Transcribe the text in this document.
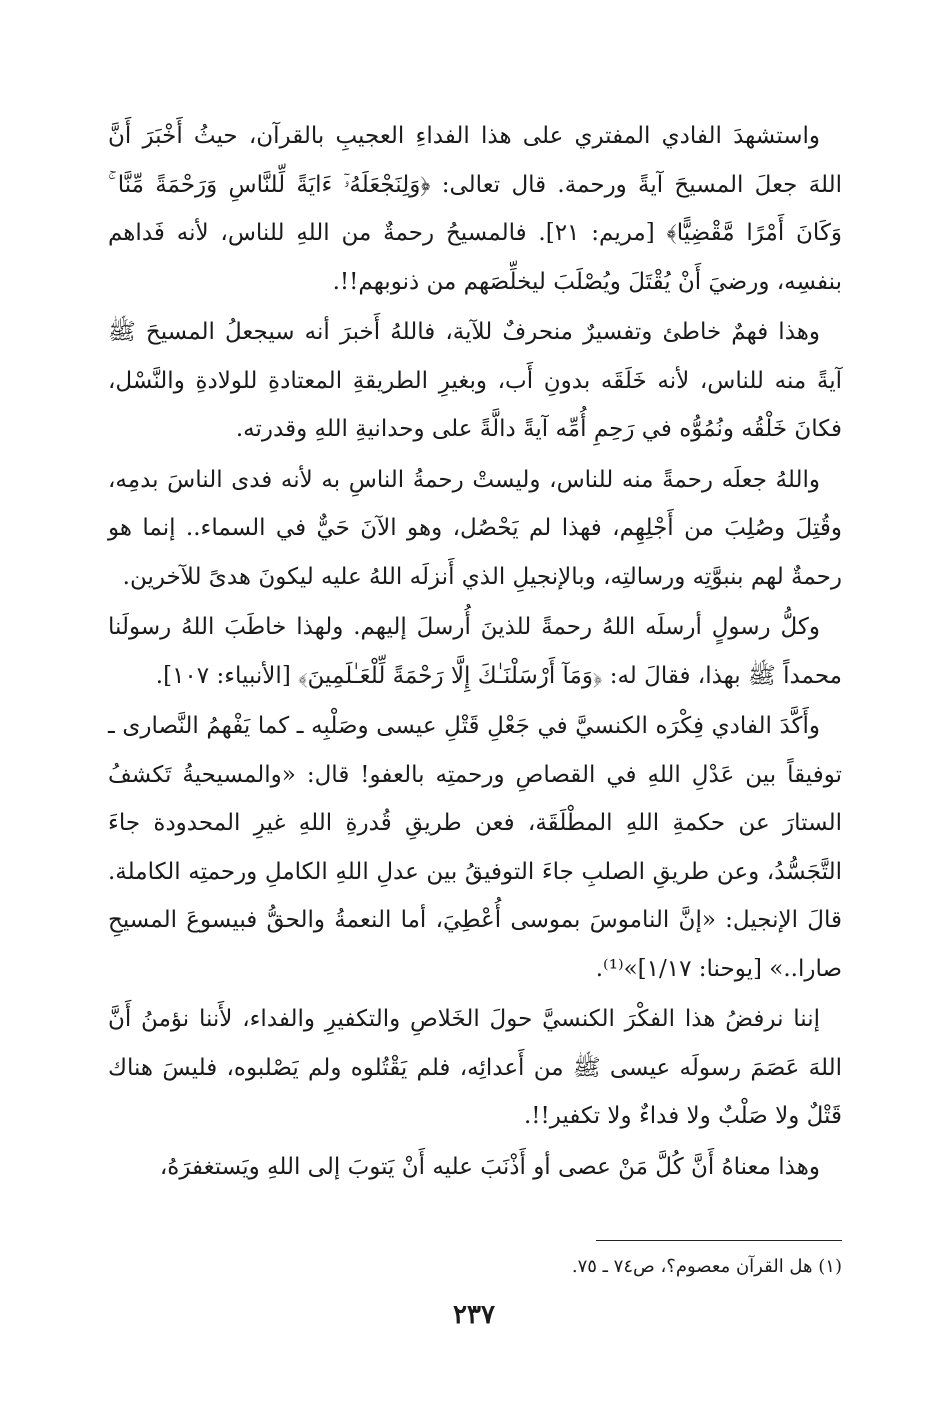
واستشهدَ الفادي المفتري على هذا الفداءِ العجيبِ بالقرآن، حيثُ أَخْبَرَ أَنَّ اللهَ جعلَ المسيحَ آيةً ورحمة. قال تعالى: ﴿وَلِنَجْعَلَهُۥٓ ءَايَةً لِّلنَّاسِ وَرَحْمَةً مِّنَّا ۚ وَكَانَ أَمْرًا مَّقْضِيًّا﴾ [مريم: ٢١]. فالمسيحُ رحمةٌ من اللهِ للناس، لأنه فَداهم بنفسِه، ورضيَ أَنْ يُقْتَلَ ويُصْلَبَ ليخلِّصَهم من ذنوبهم!!.

وهذا فهمٌ خاطئ وتفسيرٌ منحرفٌ للآية، فاللهُ أَخبرَ أنه سيجعلُ المسيحَ ﷺ آيةً منه للناس، لأنه خَلَقَه بدونِ أَب، وبغيرِ الطريقةِ المعتادةِ للولادةِ والنَّسْل، فكانَ خَلْقُه ونُمُوُّه في رَحِمِ أُمِّه آيةً دالَّةً على وحدانيةِ اللهِ وقدرته.

واللهُ جعلَه رحمةً منه للناس، وليستْ رحمةُ الناسِ به لأنه فدى الناسَ بدمِه، وقُتِلَ وصُلِبَ من أَجْلِهِم، فهذا لم يَحْصُل، وهو الآنَ حَيٌّ في السماء.. إنما هو رحمةٌ لهم بنبوَّتِه ورسالتِه، وبالإنجيلِ الذي أَنزلَه اللهُ عليه ليكونَ هدىً للآخرين.

وكلُّ رسولٍ أرسلَه اللهُ رحمةً للذينَ أُرسلَ إليهم. ولهذا خاطَبَ اللهُ رسولَنا محمداً ﷺ بهذا، فقالَ له: ﴿وَمَآ أَرْسَلْنَـٰكَ إِلَّا رَحْمَةً لِّلْعَـٰلَمِينَ﴾ [الأنبياء: ١٠٧].

وأَكَّدَ الفادي فِكْرَه الكنسيَّ في جَعْلِ قَتْلِ عيسى وصَلْبِه ـ كما يَفْهمُ النَّصارى ـ توفيقاً بين عَدْلِ اللهِ في القصاصِ ورحمتِه بالعفو! قال: «والمسيحيةُ تَكشفُ الستارَ عن حكمةِ اللهِ المطْلَقَة، فعن طريقِ قُدرةِ اللهِ غيرِ المحدودة جاءَ التَّجَسُّدُ، وعن طريقِ الصلبِ جاءَ التوفيقُ بين عدلِ اللهِ الكاملِ ورحمتِه الكاملة. قالَ الإنجيل: «إنَّ الناموسَ بموسى أُعْطِيَ، أما النعمةُ والحقُّ فبيسوعَ المسيحِ صارا..» [يوحنا: ١/١٧]»⁽¹⁾.

إننا نرفضُ هذا الفكْرَ الكنسيَّ حولَ الخَلاصِ والتكفيرِ والفداء، لأَننا نؤمنُ أَنَّ اللهَ عَصَمَ رسولَه عيسى ﷺ من أَعدائِه، فلم يَقْتُلوه ولم يَصْلبوه، فليسَ هناك قَتْلٌ ولا صَلْبٌ ولا فداءٌ ولا تكفير!!.

وهذا معناهُ أَنَّ كُلَّ مَنْ عصى أو أَذْنَبَ عليه أَنْ يَتوبَ إلى اللهِ ويَستغفرَهُ،

(١) هل القرآن معصوم؟، ص٧٤ ـ ٧٥.
٢٣٧
